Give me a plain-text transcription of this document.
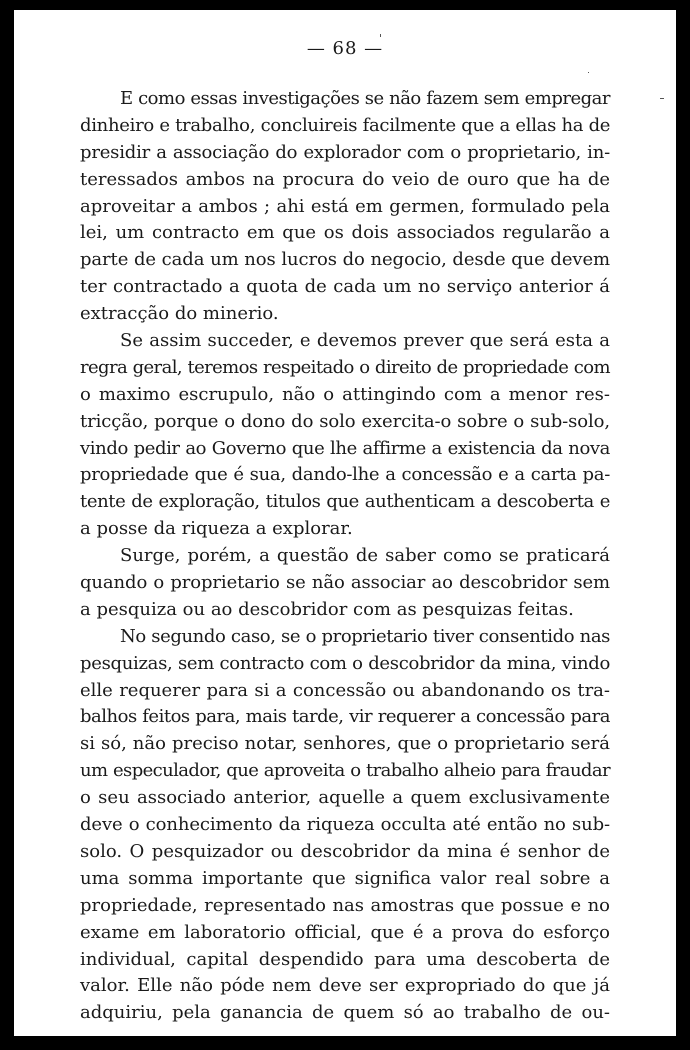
— 68 —
E como essas investigações se não fazem sem empregar
dinheiro e trabalho, concluireis facilmente que a ellas ha de
presidir a associação do explorador com o proprietario, in-
teressados ambos na procura do veio de ouro que ha de
aproveitar a ambos ; ahi está em germen, formulado pela
lei, um contracto em que os dois associados regularão a
parte de cada um nos lucros do negocio, desde que devem
ter contractado a quota de cada um no serviço anterior á
extracção do minerio.
Se assim succeder, e devemos prever que será esta a
regra geral, teremos respeitado o direito de propriedade com
o maximo escrupulo, não o attingindo com a menor res-
tricção, porque o dono do solo exercita-o sobre o sub-solo,
vindo pedir ao Governo que lhe affirme a existencia da nova
propriedade que é sua, dando-lhe a concessão e a carta pa-
tente de exploração, titulos que authenticam a descoberta e
a posse da riqueza a explorar.
Surge, porém, a questão de saber como se praticará
quando o proprietario se não associar ao descobridor sem
a pesquiza ou ao descobridor com as pesquizas feitas.
No segundo caso, se o proprietario tiver consentido nas
pesquizas, sem contracto com o descobridor da mina, vindo
elle requerer para si a concessão ou abandonando os tra-
balhos feitos para, mais tarde, vir requerer a concessão para
si só, não preciso notar, senhores, que o proprietario será
um especulador, que aproveita o trabalho alheio para fraudar
o seu associado anterior, aquelle a quem exclusivamente
deve o conhecimento da riqueza occulta até então no sub-
solo. O pesquizador ou descobridor da mina é senhor de
uma somma importante que significa valor real sobre a
propriedade, representado nas amostras que possue e no
exame em laboratorio official, que é a prova do esforço
individual, capital despendido para uma descoberta de
valor. Elle não póde nem deve ser expropriado do que já
adquiriu, pela ganancia de quem só ao trabalho de ou-
